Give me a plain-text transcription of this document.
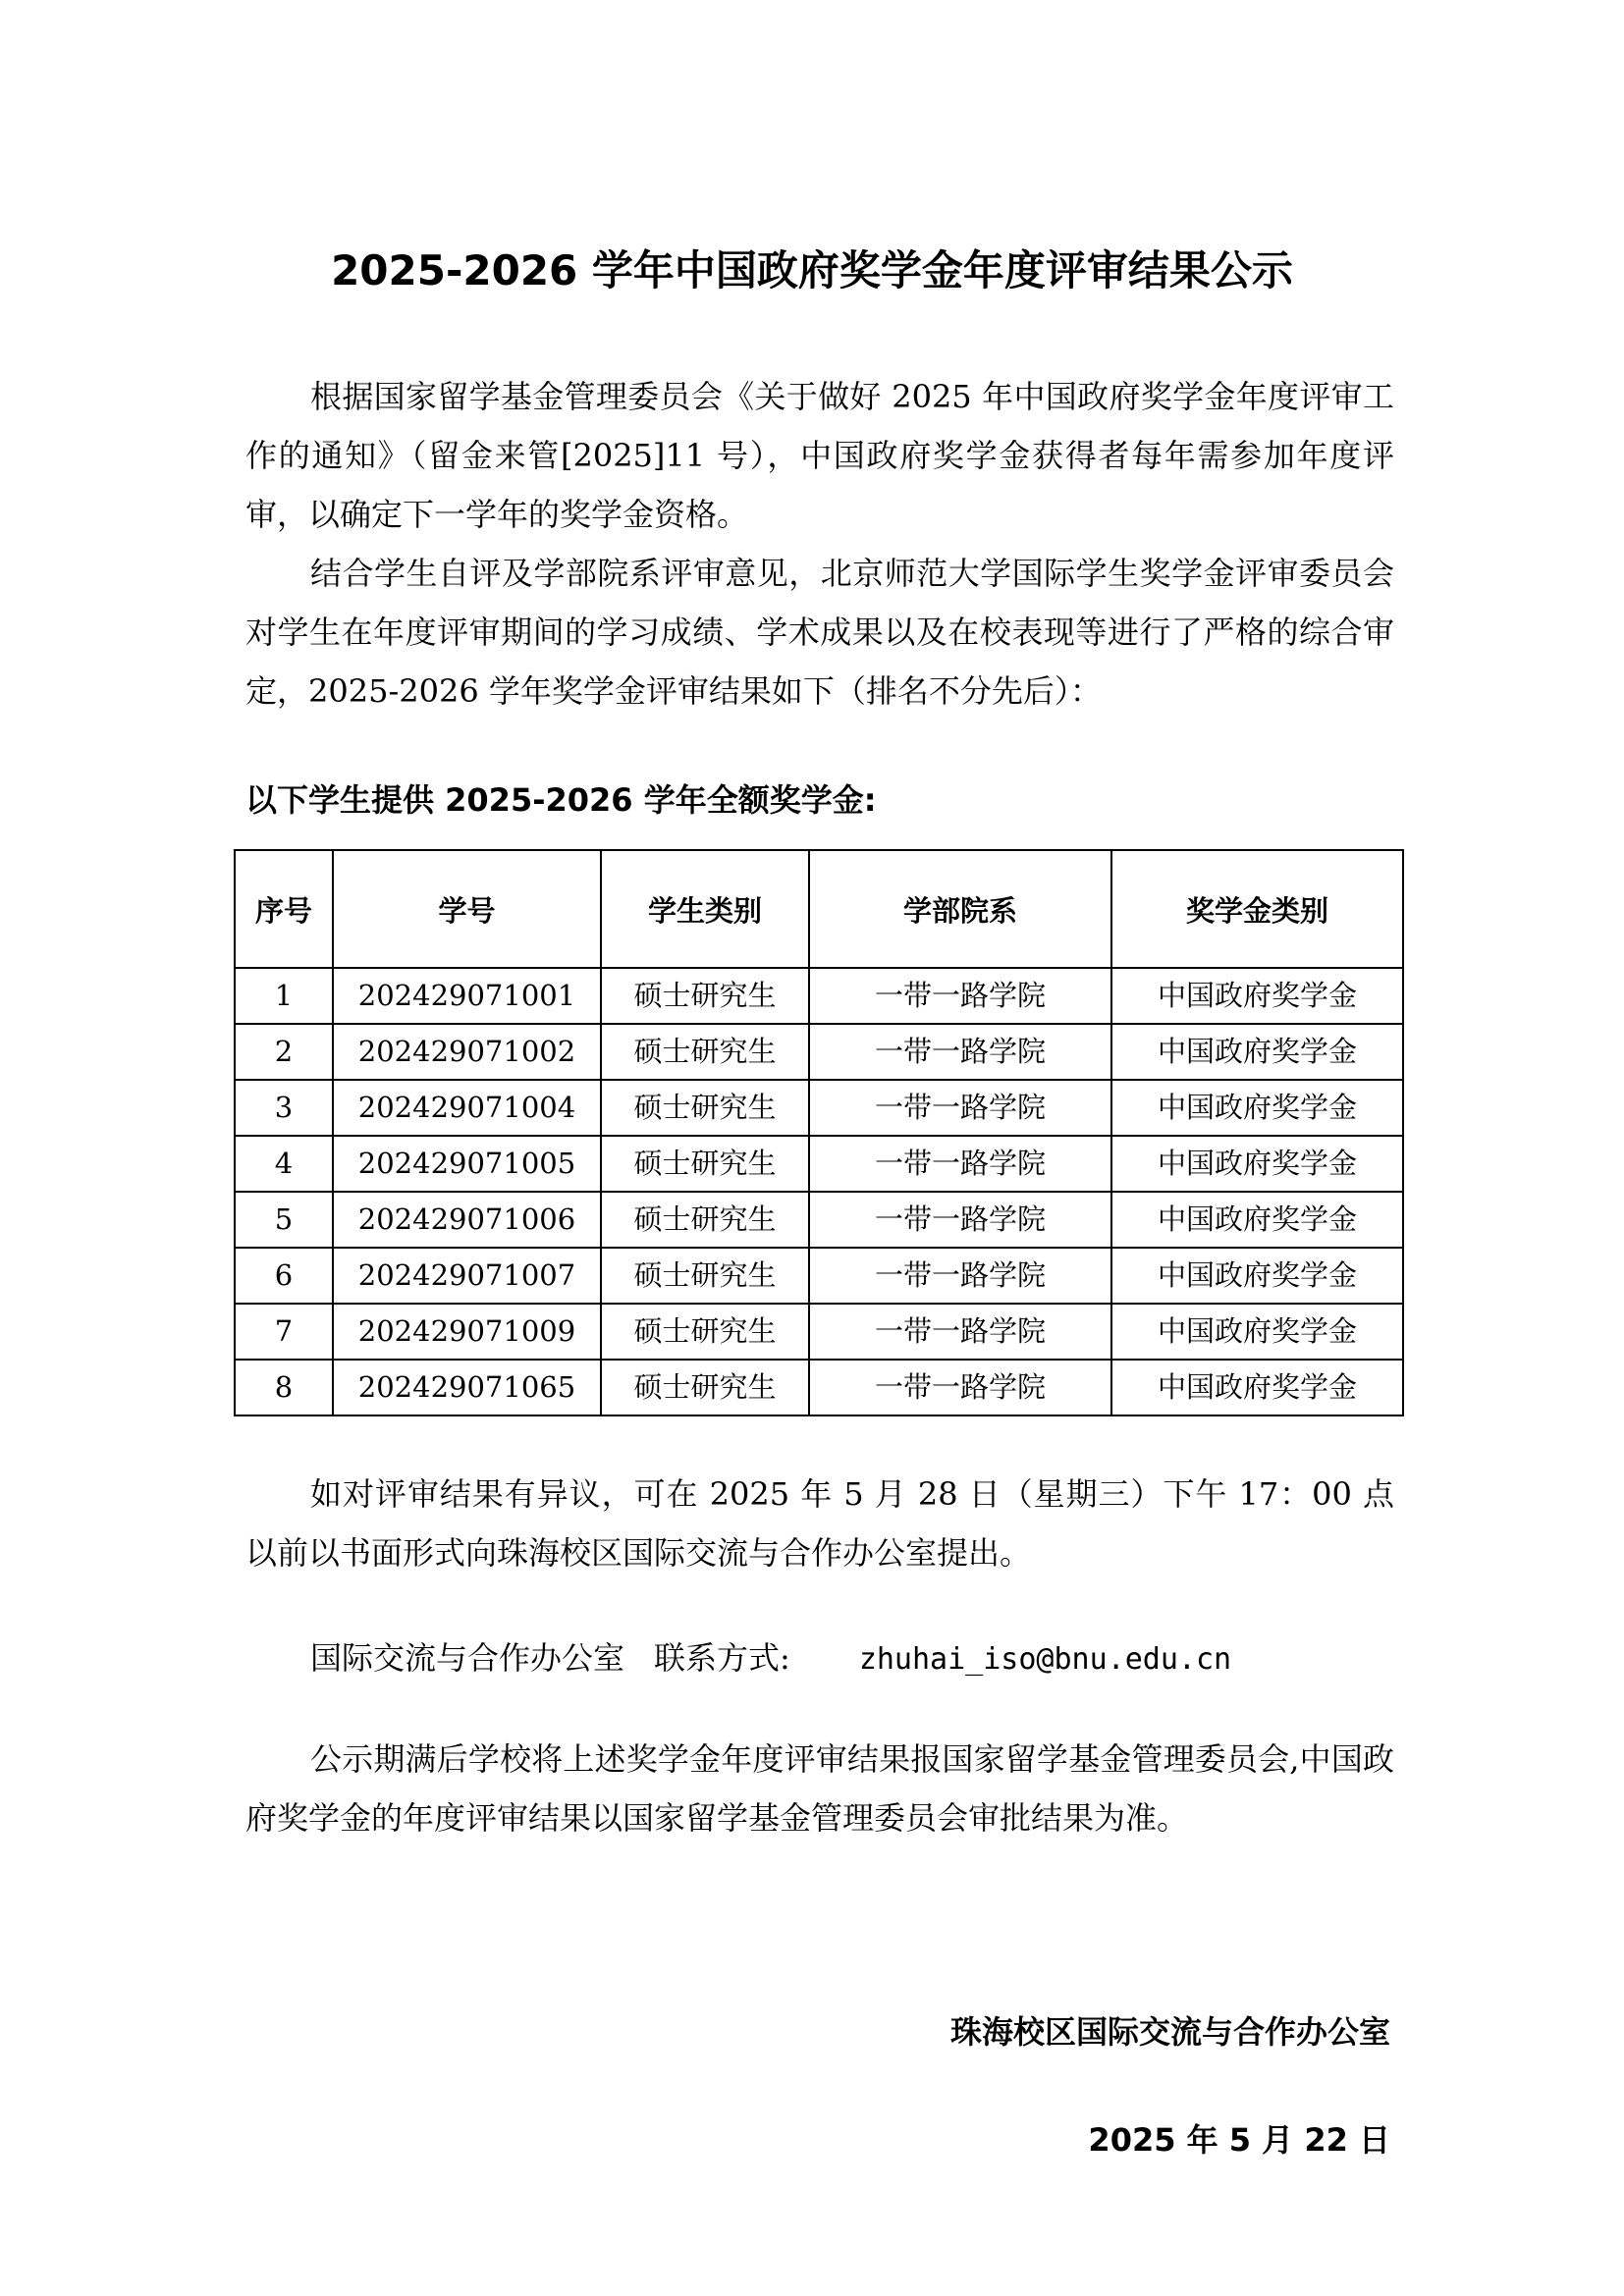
2025-2026 学年中国政府奖学金年度评审结果公示

根据国家留学基金管理委员会《关于做好 2025 年中国政府奖学金年度评审工作的通知》（留金来管[2025]11 号），中国政府奖学金获得者每年需参加年度评审，以确定下一学年的奖学金资格。

结合学生自评及学部院系评审意见，北京师范大学国际学生奖学金评审委员会对学生在年度评审期间的学习成绩、学术成果以及在校表现等进行了严格的综合审定，2025-2026 学年奖学金评审结果如下（排名不分先后）：

以下学生提供 2025-2026 学年全额奖学金:
序号	学号	学生类别	学部院系	奖学金类别
1	202429071001	硕士研究生	一带一路学院	中国政府奖学金
2	202429071002	硕士研究生	一带一路学院	中国政府奖学金
3	202429071004	硕士研究生	一带一路学院	中国政府奖学金
4	202429071005	硕士研究生	一带一路学院	中国政府奖学金
5	202429071006	硕士研究生	一带一路学院	中国政府奖学金
6	202429071007	硕士研究生	一带一路学院	中国政府奖学金
7	202429071009	硕士研究生	一带一路学院	中国政府奖学金
8	202429071065	硕士研究生	一带一路学院	中国政府奖学金

如对评审结果有异议，可在 2025 年 5 月 28 日（星期三）下午 17：00 点以前以书面形式向珠海校区国际交流与合作办公室提出。

国际交流与合作办公室 联系方式: zhuhai_iso@bnu.edu.cn

公示期满后学校将上述奖学金年度评审结果报国家留学基金管理委员会,中国政府奖学金的年度评审结果以国家留学基金管理委员会审批结果为准。

珠海校区国际交流与合作办公室
2025 年 5 月 22 日
